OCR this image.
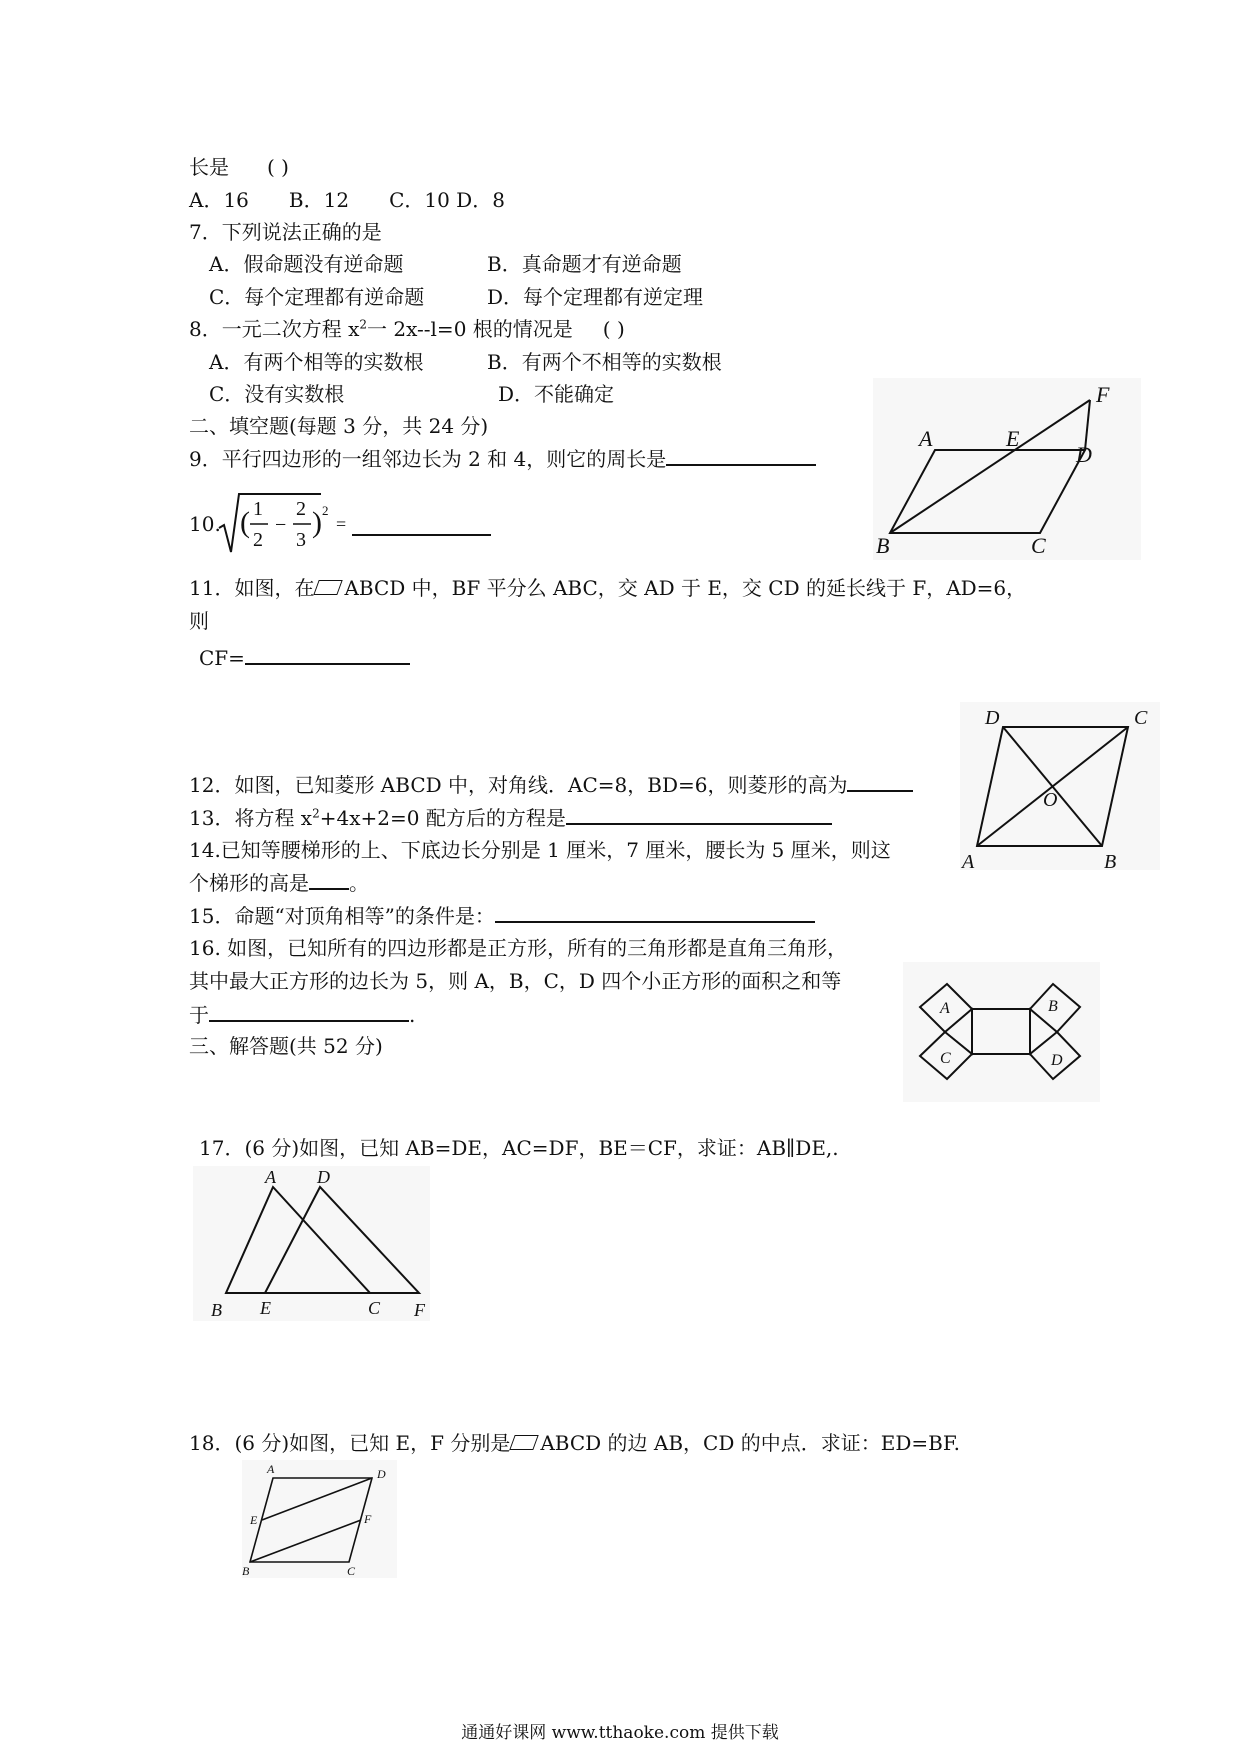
长是 ( )
A．16 B．12 C．10 D．8
7．下列说法正确的是
A．假命题没有逆命题	B．真命题才有逆命题
C．每个定理都有逆命题	D．每个定理都有逆定理
8．一元二次方程 $x^2$一 2x--l=0 根的情况是 ( )
A．有两个相等的实数根	B．有两个不相等的实数根
C．没有实数根	D．不能确定
二、填空题(每题 3 分，共 24 分)
9．平行四边形的一组邻边长为 2 和 4，则它的周长是
10. ( 1
2
−
2
3
) 2
=
A	E
F
D
B	C
11．如图，在 ABCD 中，BF 平分么 ABC，交 AD 于 E，交 CD 的延长线于 F，AD=6，
则
CF=
D	C
O
A	B
12．如图，已知菱形 ABCD 中，对角线．AC=8，BD=6，则菱形的高为
13．将方程 $x^2+4x+2=0$ 配方后的方程是
14.已知等腰梯形的上、下底边长分别是 1 厘米，7 厘米，腰长为 5 厘米，则这
个梯形的高是 。
15．命题“对顶角相等”的条件是：
16. 如图，已知所有的四边形都是正方形，所有的三角形都是直角三角形，
其中最大正方形的边长为 5，则 A，B，C，D 四个小正方形的面积之和等
于	.	A	B
C	D
三、解答题(共 52 分)
17．(6 分)如图，已知 AB=DE，AC=DF，BE＝CF，求证：AB∥DE,.
A D
B E	C F
18．(6 分)如图，已知 E，F 分别是 ABCD 的边 AB，CD 的中点．求证：ED=BF.
A	D
E	F
B	C
通通好课网 www.tthaoke.com 提供下载
